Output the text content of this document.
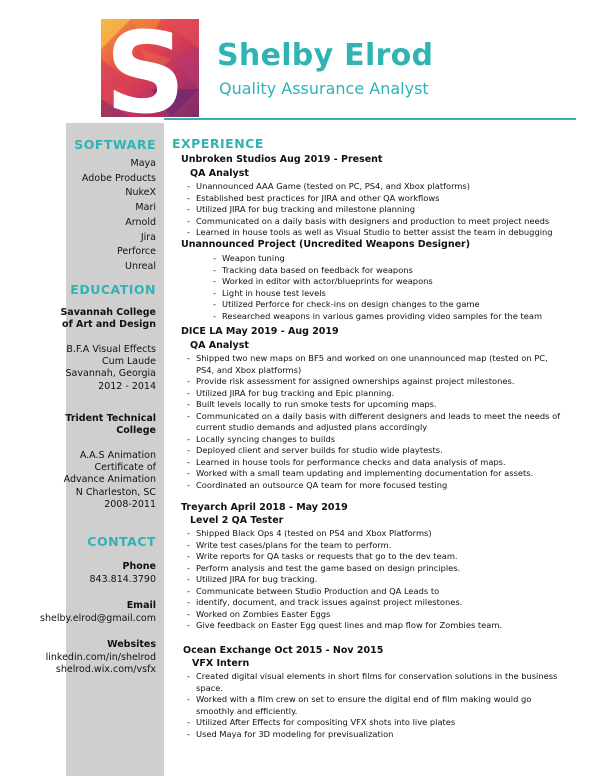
S Shelby Elrod
Quality Assurance Analyst
SOFTWARE
Maya
Adobe Products
NukeX
Mari
Arnold
Jira
Perforce
Unreal
EDUCATION
Savannah College
of Art and Design
B.F.A Visual Effects
Cum Laude
Savannah, Georgia
2012 - 2014
Trident Technical
College
A.A.S Animation
Certificate of
Advance Animation
N Charleston, SC
2008-2011
CONTACT
Phone
843.814.3790
Email
shelby.elrod@gmail.com
Websites
linkedin.com/in/shelrod
shelrod.wix.com/vsfx
EXPERIENCE
Unbroken Studios Aug 2019 - Present
QA Analyst
- Unannounced AAA Game (tested on PC, PS4, and Xbox platforms)
- Established best practices for JIRA and other QA workflows
- Utilized JIRA for bug tracking and milestone planning
- Communicated on a daily basis with designers and production to meet project needs
- Learned in house tools as well as Visual Studio to better assist the team in debugging
Unannounced Project (Uncredited Weapons Designer)
- Weapon tuning
- Tracking data based on feedback for weapons
- Worked in editor with actor/blueprints for weapons
- Light in house test levels
- Utilized Perforce for check-ins on design changes to the game
- Researched weapons in various games providing video samples for the team
DICE LA May 2019 - Aug 2019
QA Analyst
- Shipped two new maps on BF5 and worked on one unannounced map (tested on PC, PS4, and Xbox platforms)
- Provide risk assessment for assigned ownerships against project milestones.
- Utilized JIRA for bug tracking and Epic planning.
- Built levels locally to run smoke tests for upcoming maps.
- Communicated on a daily basis with different designers and leads to meet the needs of current studio demands and adjusted plans accordingly
- Locally syncing changes to builds
- Deployed client and server builds for studio wide playtests.
- Learned in house tools for performance checks and data analysis of maps.
- Worked with a small team updating and implementing documentation for assets.
- Coordinated an outsource QA team for more focused testing
Treyarch April 2018 - May 2019
Level 2 QA Tester
- Shipped Black Ops 4 (tested on PS4 and Xbox Platforms)
- Write test cases/plans for the team to perform.
- Write reports for QA tasks or requests that go to the dev team.
- Perform analysis and test the game based on design principles.
- Utilized JIRA for bug tracking.
- Communicate between Studio Production and QA Leads to
- identify, document, and track issues against project milestones.
- Worked on Zombies Easter Eggs
- Give feedback on Easter Egg quest lines and map flow for Zombies team.
Ocean Exchange Oct 2015 - Nov 2015
VFX Intern
- Created digital visual elements in short films for conservation solutions in the business space.
- Worked with a film crew on set to ensure the digital end of film making would go smoothly and efficiently.
- Utilized After Effects for compositing VFX shots into live plates
- Used Maya for 3D modeling for previsualization
